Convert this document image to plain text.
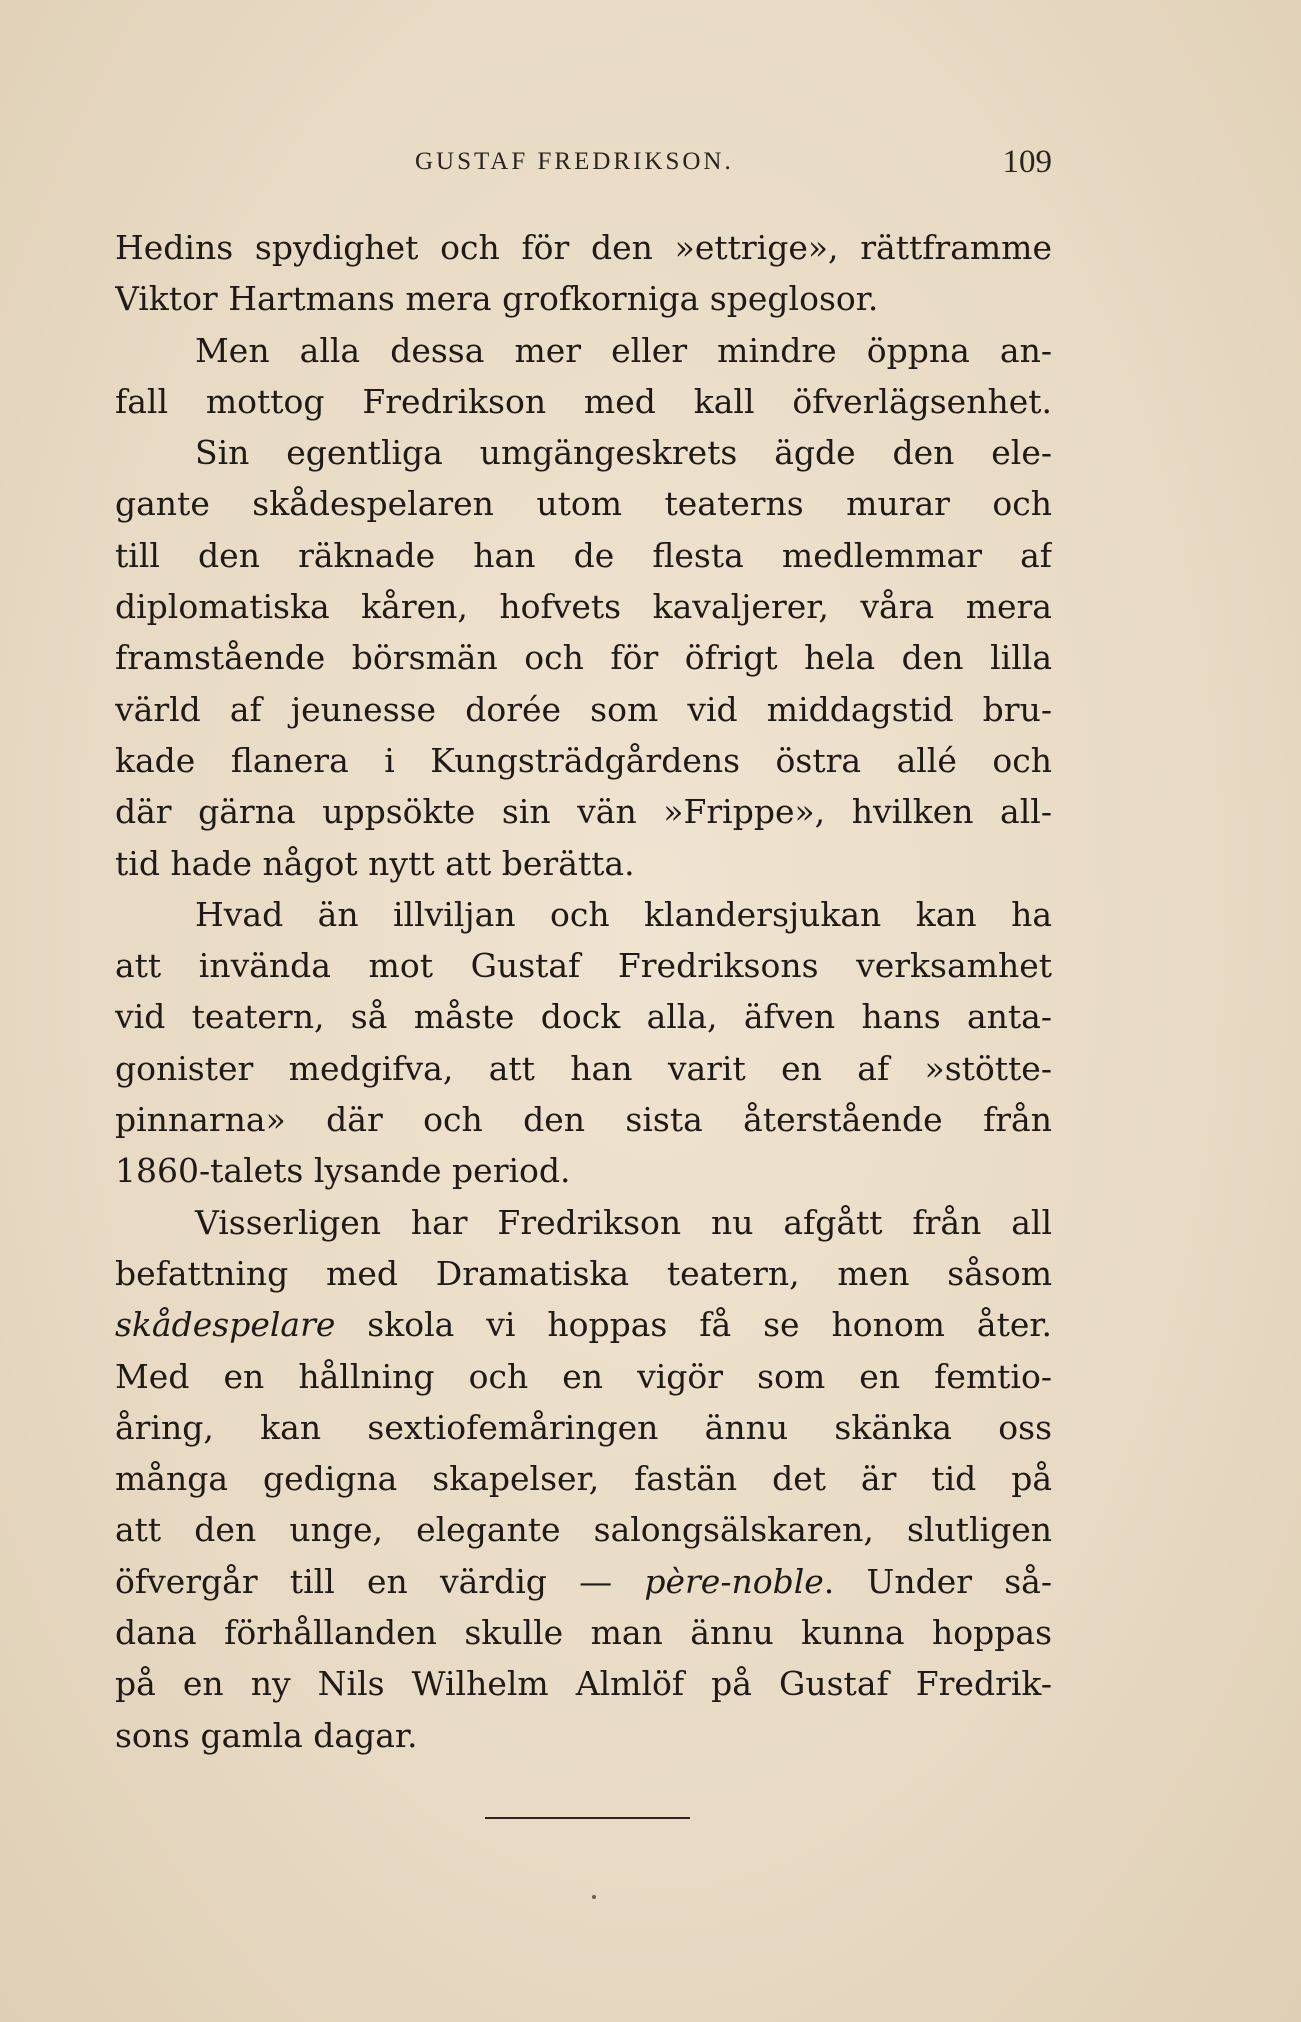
GUSTAF FREDRIKSON.	109
Hedins spydighet och för den »ettrige», rättframme
Viktor Hartmans mera grofkorniga speglosor.
Men alla dessa mer eller mindre öppna an-
fall mottog Fredrikson med kall öfverlägsenhet.
Sin egentliga umgängeskrets ägde den ele-
gante skådespelaren utom teaterns murar och
till den räknade han de flesta medlemmar af
diplomatiska kåren, hofvets kavaljerer, våra mera
framstående börsmän och för öfrigt hela den lilla
värld af jeunesse dorée som vid middagstid bru-
kade flanera i Kungsträdgårdens östra allé och
där gärna uppsökte sin vän »Frippe», hvilken all-
tid hade något nytt att berätta.
Hvad än illviljan och klandersjukan kan ha
att invända mot Gustaf Fredriksons verksamhet
vid teatern, så måste dock alla, äfven hans anta-
gonister medgifva, att han varit en af »stötte-
pinnarna» där och den sista återstående från
1860-talets lysande period.
Visserligen har Fredrikson nu afgått från all
befattning med Dramatiska teatern, men såsom
skådespelare skola vi hoppas få se honom åter.
Med en hållning och en vigör som en femtio-
åring, kan sextiofemåringen ännu skänka oss
många gedigna skapelser, fastän det är tid på
att den unge, elegante salongsälskaren, slutligen
öfvergår till en värdig — père-noble. Under så-
dana förhållanden skulle man ännu kunna hoppas
på en ny Nils Wilhelm Almlöf på Gustaf Fredrik-
sons gamla dagar.
